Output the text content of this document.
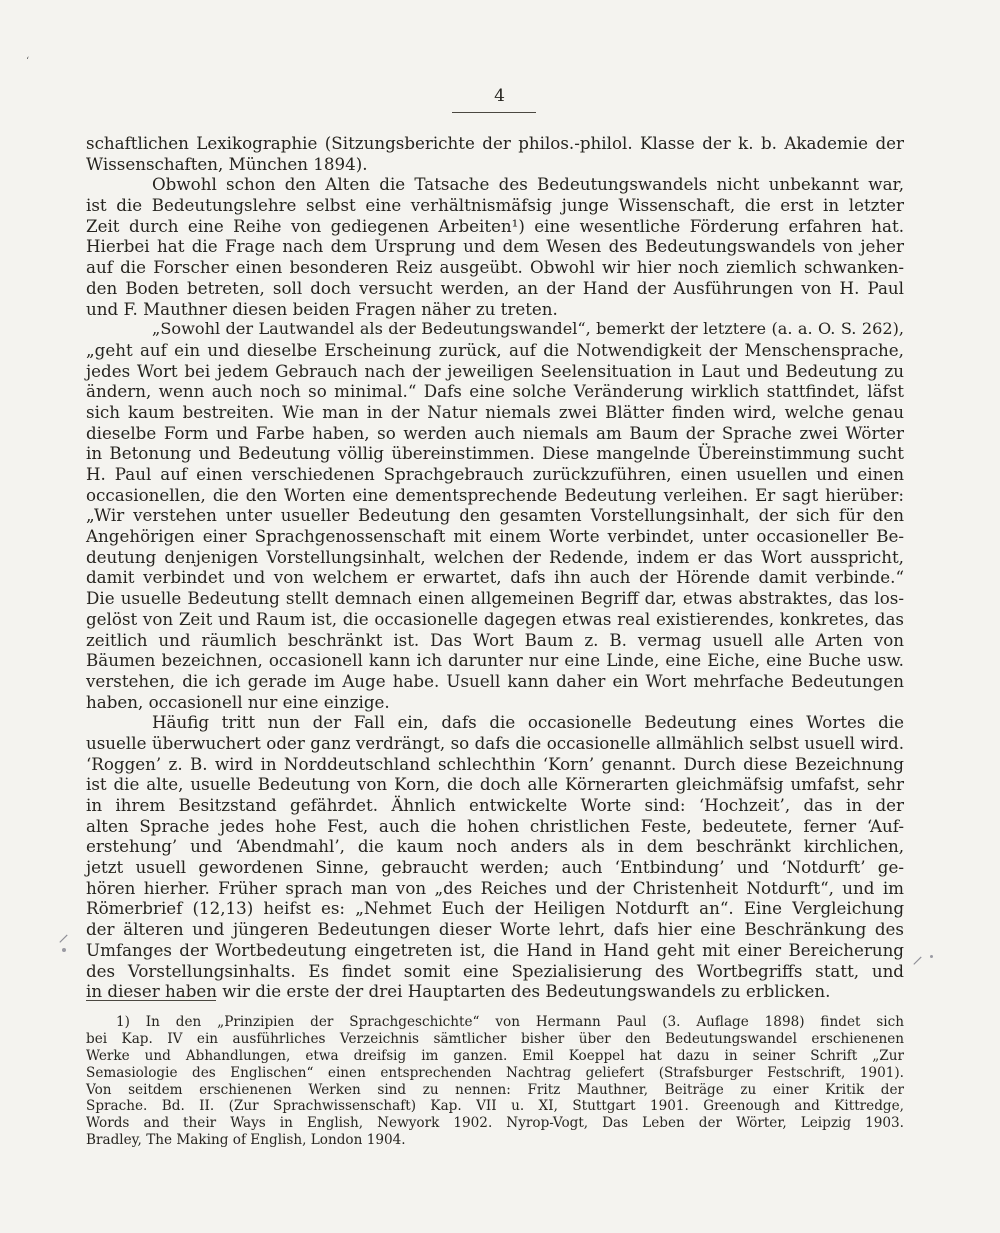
‘
4
schaftlichen Lexikographie (Sitzungsberichte der philos.-philol. Klasse der k. b. Akademie der
Wissenschaften, München 1894).
Obwohl schon den Alten die Tatsache des Bedeutungswandels nicht unbekannt war,
ist die Bedeutungslehre selbst eine verhältnismäfsig junge Wissenschaft, die erst in letzter
Zeit durch eine Reihe von gediegenen Arbeiten¹) eine wesentliche Förderung erfahren hat.
Hierbei hat die Frage nach dem Ursprung und dem Wesen des Bedeutungswandels von jeher
auf die Forscher einen besonderen Reiz ausgeübt. Obwohl wir hier noch ziemlich schwanken-
den Boden betreten, soll doch versucht werden, an der Hand der Ausführungen von H. Paul
und F. Mauthner diesen beiden Fragen näher zu treten.
„Sowohl der Lautwandel als der Bedeutungswandel“, bemerkt der letztere (a. a. O. S. 262),
„geht auf ein und dieselbe Erscheinung zurück, auf die Notwendigkeit der Menschensprache,
jedes Wort bei jedem Gebrauch nach der jeweiligen Seelensituation in Laut und Bedeutung zu
ändern, wenn auch noch so minimal.“ Dafs eine solche Veränderung wirklich stattfindet, läfst
sich kaum bestreiten. Wie man in der Natur niemals zwei Blätter finden wird, welche genau
dieselbe Form und Farbe haben, so werden auch niemals am Baum der Sprache zwei Wörter
in Betonung und Bedeutung völlig übereinstimmen. Diese mangelnde Übereinstimmung sucht
H. Paul auf einen verschiedenen Sprachgebrauch zurückzuführen, einen usuellen und einen
occasionellen, die den Worten eine dementsprechende Bedeutung verleihen. Er sagt hierüber:
„Wir verstehen unter usueller Bedeutung den gesamten Vorstellungsinhalt, der sich für den
Angehörigen einer Sprachgenossenschaft mit einem Worte verbindet, unter occasioneller Be-
deutung denjenigen Vorstellungsinhalt, welchen der Redende, indem er das Wort ausspricht,
damit verbindet und von welchem er erwartet, dafs ihn auch der Hörende damit verbinde.“
Die usuelle Bedeutung stellt demnach einen allgemeinen Begriff dar, etwas abstraktes, das los-
gelöst von Zeit und Raum ist, die occasionelle dagegen etwas real existierendes, konkretes, das
zeitlich und räumlich beschränkt ist. Das Wort Baum z. B. vermag usuell alle Arten von
Bäumen bezeichnen, occasionell kann ich darunter nur eine Linde, eine Eiche, eine Buche usw.
verstehen, die ich gerade im Auge habe. Usuell kann daher ein Wort mehrfache Bedeutungen
haben, occasionell nur eine einzige.
Häufig tritt nun der Fall ein, dafs die occasionelle Bedeutung eines Wortes die
usuelle überwuchert oder ganz verdrängt, so dafs die occasionelle allmählich selbst usuell wird.
‘Roggen’ z. B. wird in Norddeutschland schlechthin ‘Korn’ genannt. Durch diese Bezeichnung
ist die alte, usuelle Bedeutung von Korn, die doch alle Körnerarten gleichmäfsig umfafst, sehr
in ihrem Besitzstand gefährdet. Ähnlich entwickelte Worte sind: ‘Hochzeit’, das in der
alten Sprache jedes hohe Fest, auch die hohen christlichen Feste, bedeutete, ferner ‘Auf-
erstehung’ und ‘Abendmahl’, die kaum noch anders als in dem beschränkt kirchlichen,
jetzt usuell gewordenen Sinne, gebraucht werden; auch ‘Entbindung’ und ‘Notdurft’ ge-
hören hierher. Früher sprach man von „des Reiches und der Christenheit Notdurft“, und im
Römerbrief (12,13) heifst es: „Nehmet Euch der Heiligen Notdurft an“. Eine Vergleichung
der älteren und jüngeren Bedeutungen dieser Worte lehrt, dafs hier eine Beschränkung des
Umfanges der Wortbedeutung eingetreten ist, die Hand in Hand geht mit einer Bereicherung
des Vorstellungsinhalts. Es findet somit eine Spezialisierung des Wortbegriffs statt, und
in dieser haben wir die erste der drei Hauptarten des Bedeutungswandels zu erblicken.
1) In den „Prinzipien der Sprachgeschichte“ von Hermann Paul (3. Auflage 1898) findet sich
bei Kap. IV ein ausführliches Verzeichnis sämtlicher bisher über den Bedeutungswandel erschienenen
Werke und Abhandlungen, etwa dreifsig im ganzen. Emil Koeppel hat dazu in seiner Schrift „Zur
Semasiologie des Englischen“ einen entsprechenden Nachtrag geliefert (Strafsburger Festschrift, 1901).
Von seitdem erschienenen Werken sind zu nennen: Fritz Mauthner, Beiträge zu einer Kritik der
Sprache. Bd. II. (Zur Sprachwissenschaft) Kap. VII u. XI, Stuttgart 1901. Greenough and Kittredge,
Words and their Ways in English, Newyork 1902. Nyrop-Vogt, Das Leben der Wörter, Leipzig 1903.
Bradley, The Making of English, London 1904.
⸝
⸝
